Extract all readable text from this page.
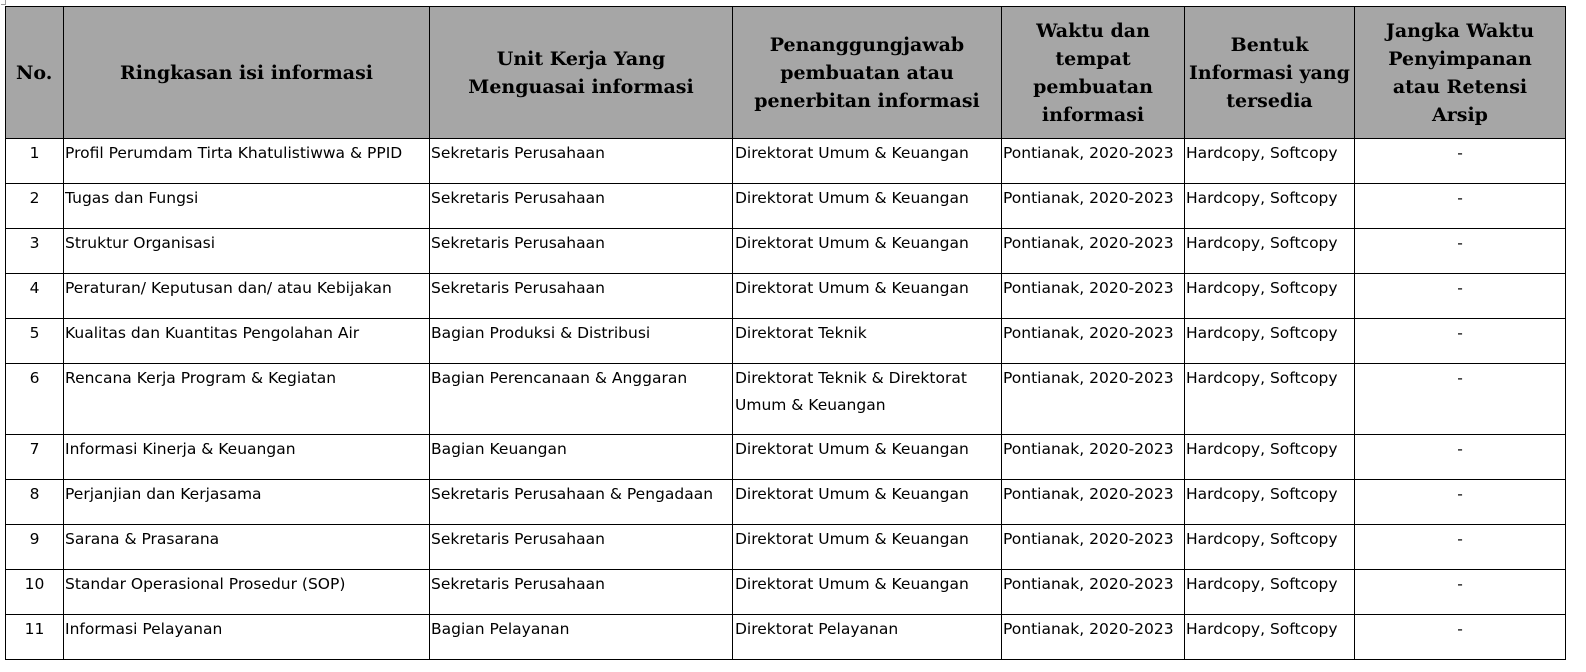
No.	Ringkasan isi informasi	Unit Kerja Yang Menguasai informasi	Penanggungjawab pembuatan atau penerbitan informasi	Waktu dan tempat pembuatan informasi	Bentuk Informasi yang tersedia	Jangka Waktu Penyimpanan atau Retensi Arsip

1	Profil Perumdam Tirta Khatulistiwwa & PPID	Sekretaris Perusahaan	Direktorat Umum & Keuangan	Pontianak, 2020-2023	Hardcopy, Softcopy	-
2	Tugas dan Fungsi	Sekretaris Perusahaan	Direktorat Umum & Keuangan	Pontianak, 2020-2023	Hardcopy, Softcopy	-
3	Struktur Organisasi	Sekretaris Perusahaan	Direktorat Umum & Keuangan	Pontianak, 2020-2023	Hardcopy, Softcopy	-
4	Peraturan/ Keputusan dan/ atau Kebijakan	Sekretaris Perusahaan	Direktorat Umum & Keuangan	Pontianak, 2020-2023	Hardcopy, Softcopy	-
5	Kualitas dan Kuantitas Pengolahan Air	Bagian Produksi & Distribusi	Direktorat Teknik	Pontianak, 2020-2023	Hardcopy, Softcopy	-
6	Rencana Kerja Program & Kegiatan	Bagian Perencanaan & Anggaran	Direktorat Teknik & Direktorat Umum & Keuangan	Pontianak, 2020-2023	Hardcopy, Softcopy	-
7	Informasi Kinerja & Keuangan	Bagian Keuangan	Direktorat Umum & Keuangan	Pontianak, 2020-2023	Hardcopy, Softcopy	-
8	Perjanjian dan Kerjasama	Sekretaris Perusahaan & Pengadaan	Direktorat Umum & Keuangan	Pontianak, 2020-2023	Hardcopy, Softcopy	-
9	Sarana & Prasarana	Sekretaris Perusahaan	Direktorat Umum & Keuangan	Pontianak, 2020-2023	Hardcopy, Softcopy	-
10	Standar Operasional Prosedur (SOP)	Sekretaris Perusahaan	Direktorat Umum & Keuangan	Pontianak, 2020-2023	Hardcopy, Softcopy	-
11	Informasi Pelayanan	Bagian Pelayanan	Direktorat Pelayanan	Pontianak, 2020-2023	Hardcopy, Softcopy	-
